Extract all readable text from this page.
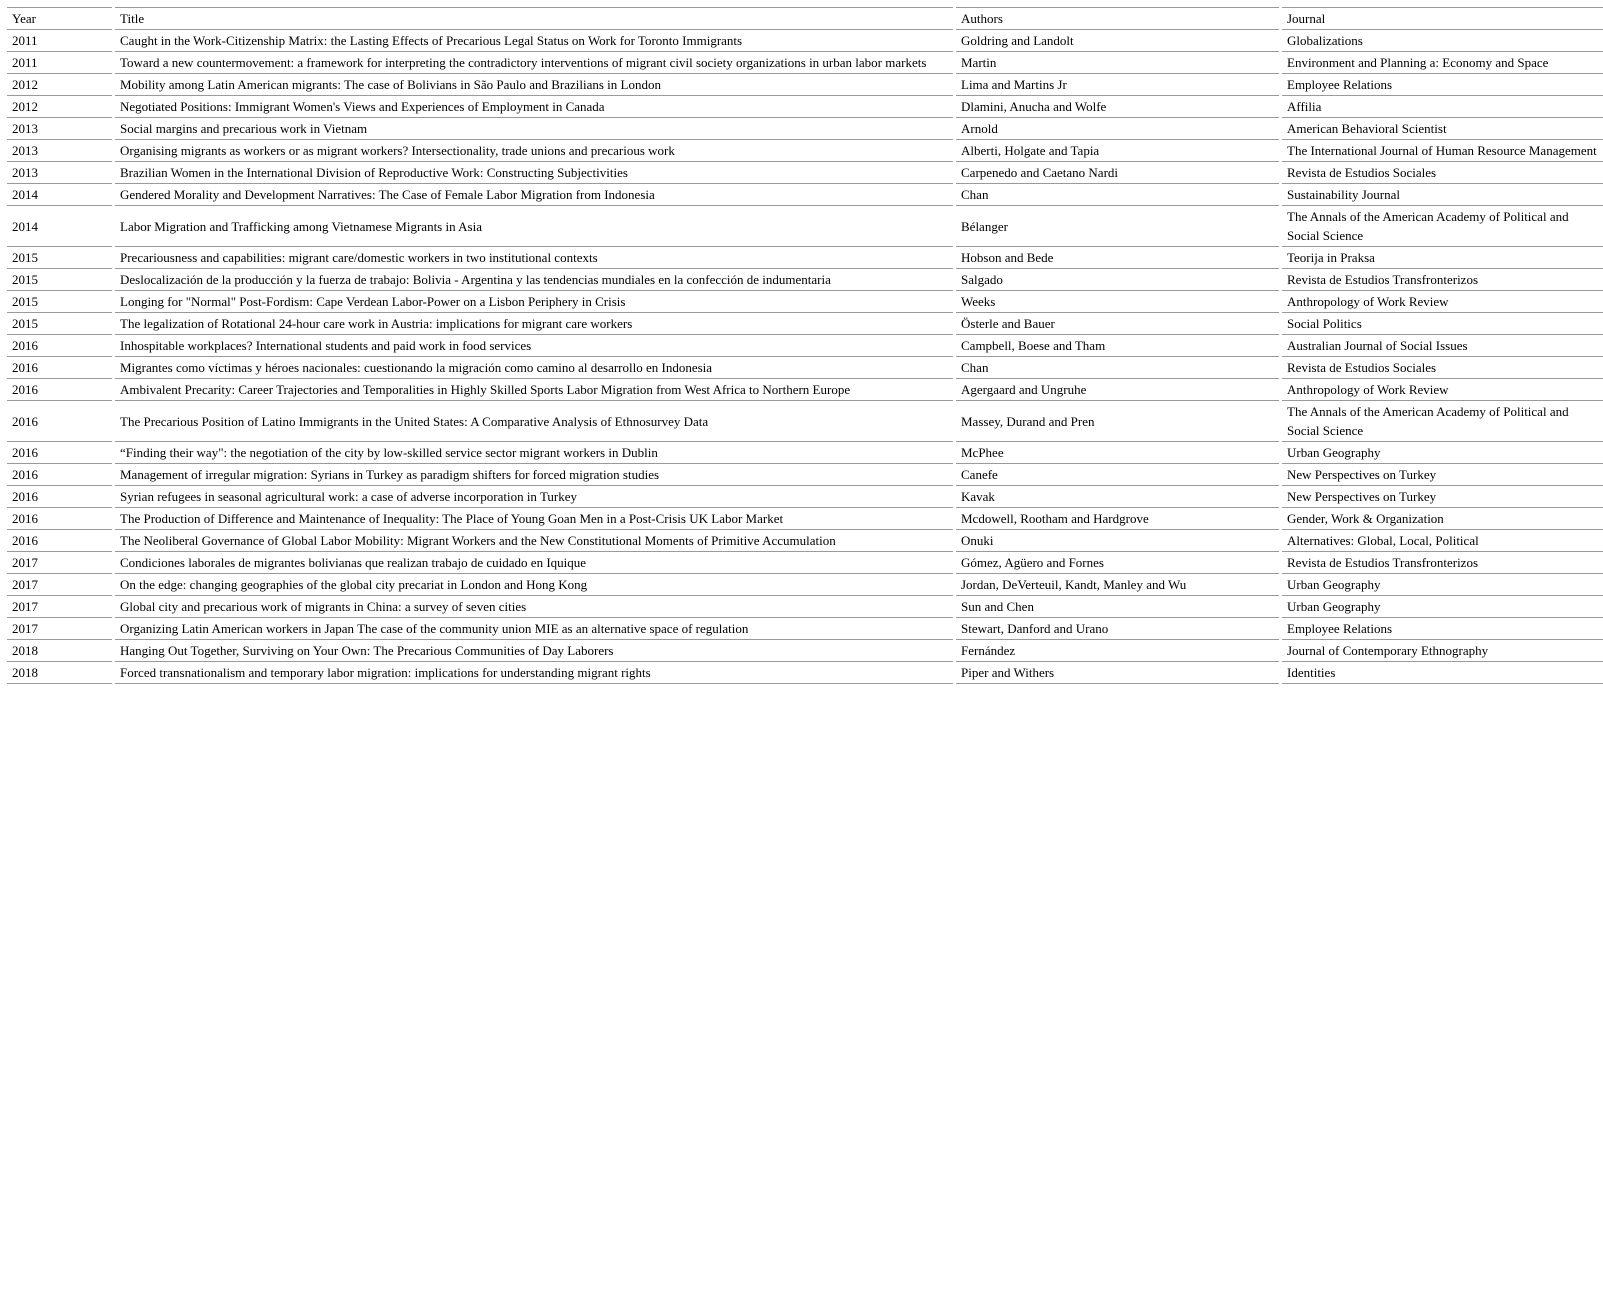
Year	Title	Authors	Journal
2011	Caught in the Work-Citizenship Matrix: the Lasting Effects of Precarious Legal Status on Work for Toronto Immigrants	Goldring and Landolt	Globalizations
2011	Toward a new countermovement: a framework for interpreting the contradictory interventions of migrant civil society organizations in urban labor markets	Martin	Environment and Planning a: Economy and Space
2012	Mobility among Latin American migrants: The case of Bolivians in São Paulo and Brazilians in London	Lima and Martins Jr	Employee Relations
2012	Negotiated Positions: Immigrant Women's Views and Experiences of Employment in Canada	Dlamini, Anucha and Wolfe	Affilia
2013	Social margins and precarious work in Vietnam	Arnold	American Behavioral Scientist
2013	Organising migrants as workers or as migrant workers? Intersectionality, trade unions and precarious work	Alberti, Holgate and Tapia	The International Journal of Human Resource Management
2013	Brazilian Women in the International Division of Reproductive Work: Constructing Subjectivities	Carpenedo and Caetano Nardi	Revista de Estudios Sociales
2014	Gendered Morality and Development Narratives: The Case of Female Labor Migration from Indonesia	Chan	Sustainability Journal
2014	Labor Migration and Trafficking among Vietnamese Migrants in Asia	Bélanger	The Annals of the American Academy of Political and Social Science
2015	Precariousness and capabilities: migrant care/domestic workers in two institutional contexts	Hobson and Bede	Teorija in Praksa
2015	Deslocalización de la producción y la fuerza de trabajo: Bolivia - Argentina y las tendencias mundiales en la confección de indumentaria	Salgado	Revista de Estudios Transfronterizos
2015	Longing for "Normal" Post-Fordism: Cape Verdean Labor-Power on a Lisbon Periphery in Crisis	Weeks	Anthropology of Work Review
2015	The legalization of Rotational 24-hour care work in Austria: implications for migrant care workers	Österle and Bauer	Social Politics
2016	Inhospitable workplaces? International students and paid work in food services	Campbell, Boese and Tham	Australian Journal of Social Issues
2016	Migrantes como víctimas y héroes nacionales: cuestionando la migración como camino al desarrollo en Indonesia	Chan	Revista de Estudios Sociales
2016	Ambivalent Precarity: Career Trajectories and Temporalities in Highly Skilled Sports Labor Migration from West Africa to Northern Europe	Agergaard and Ungruhe	Anthropology of Work Review
2016	The Precarious Position of Latino Immigrants in the United States: A Comparative Analysis of Ethnosurvey Data	Massey, Durand and Pren	The Annals of the American Academy of Political and Social Science
2016	“Finding their way": the negotiation of the city by low-skilled service sector migrant workers in Dublin	McPhee	Urban Geography
2016	Management of irregular migration: Syrians in Turkey as paradigm shifters for forced migration studies	Canefe	New Perspectives on Turkey
2016	Syrian refugees in seasonal agricultural work: a case of adverse incorporation in Turkey	Kavak	New Perspectives on Turkey
2016	The Production of Difference and Maintenance of Inequality: The Place of Young Goan Men in a Post-Crisis UK Labor Market	Mcdowell, Rootham and Hardgrove	Gender, Work & Organization
2016	The Neoliberal Governance of Global Labor Mobility: Migrant Workers and the New Constitutional Moments of Primitive Accumulation	Onuki	Alternatives: Global, Local, Political
2017	Condiciones laborales de migrantes bolivianas que realizan trabajo de cuidado en Iquique	Gómez, Agüero and Fornes	Revista de Estudios Transfronterizos
2017	On the edge: changing geographies of the global city precariat in London and Hong Kong	Jordan, DeVerteuil, Kandt, Manley and Wu	Urban Geography
2017	Global city and precarious work of migrants in China: a survey of seven cities	Sun and Chen	Urban Geography
2017	Organizing Latin American workers in Japan The case of the community union MIE as an alternative space of regulation	Stewart, Danford and Urano	Employee Relations
2018	Hanging Out Together, Surviving on Your Own: The Precarious Communities of Day Laborers	Fernández	Journal of Contemporary Ethnography
2018	Forced transnationalism and temporary labor migration: implications for understanding migrant rights	Piper and Withers	Identities
